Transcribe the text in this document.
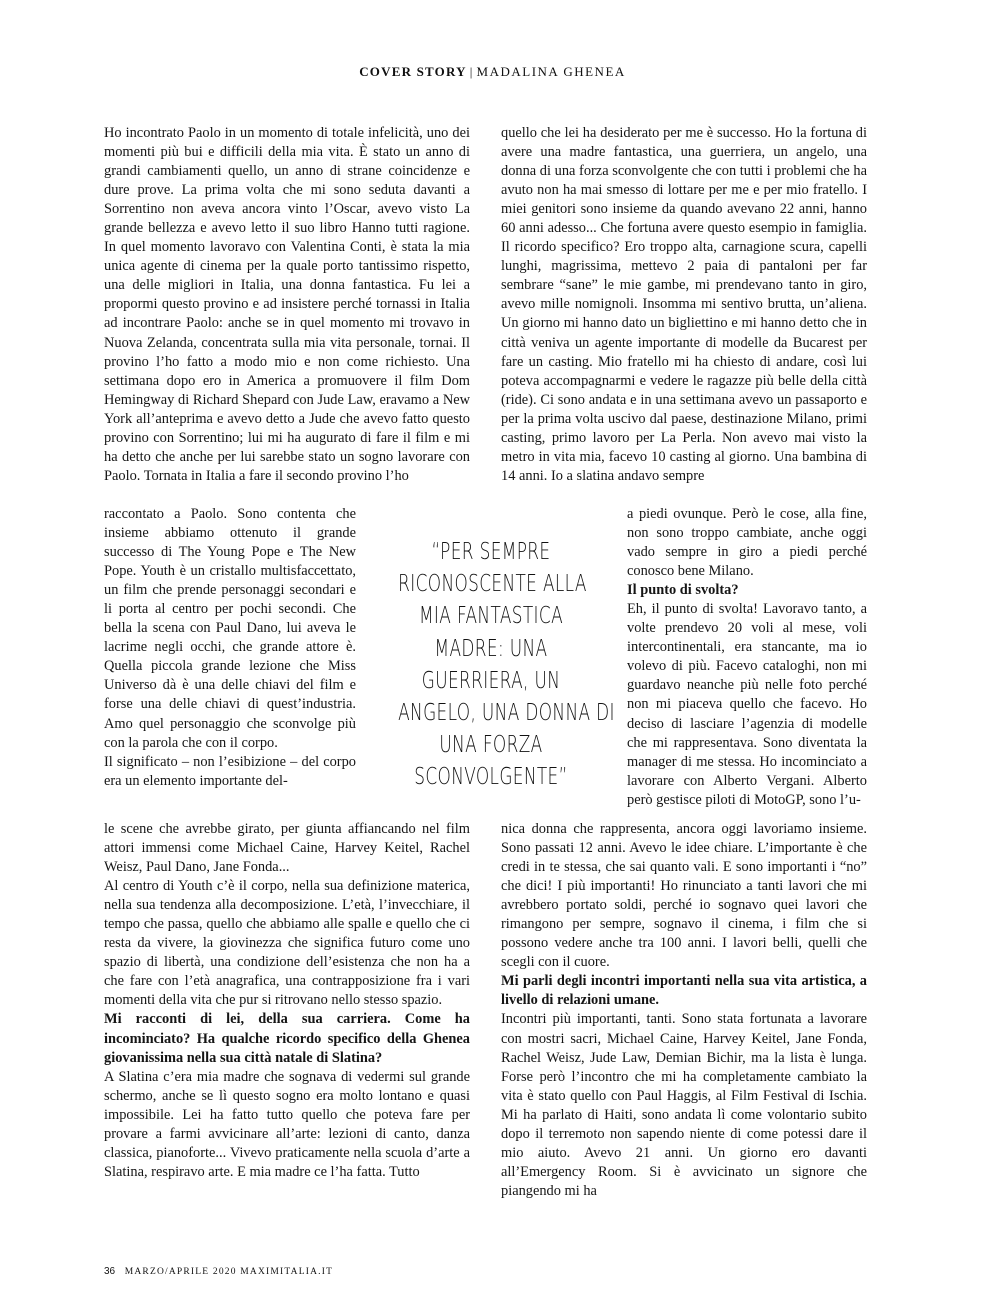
COVER STORY | MADALINA GHENEA

Ho incontrato Paolo in un momento di totale infelicità, uno dei momenti più bui e difficili della mia vita. È stato un anno di grandi cambiamenti quello, un anno di strane coincidenze e dure prove. La prima volta che mi sono seduta davanti a Sorrentino non aveva ancora vinto l’Oscar, avevo visto La grande bellezza e avevo letto il suo libro Hanno tutti ragione. In quel momento lavoravo con Valentina Conti, è stata la mia unica agente di cinema per la quale porto tantissimo rispetto, una delle migliori in Italia, una donna fantastica. Fu lei a propormi questo provino e ad insistere perché tornassi in Italia ad incontrare Paolo: anche se in quel momento mi trovavo in Nuova Zelanda, concentrata sulla mia vita personale, tornai. Il provino l’ho fatto a modo mio e non come richiesto. Una settimana dopo ero in America a promuovere il film Dom Hemingway di Richard Shepard con Jude Law, eravamo a New York all’anteprima e avevo detto a Jude che avevo fatto questo provino con Sorrentino; lui mi ha augurato di fare il film e mi ha detto che anche per lui sarebbe stato un sogno lavorare con Paolo. Tornata in Italia a fare il secondo provino l’ho

raccontato a Paolo. Sono contenta che insieme abbiamo ottenuto il grande successo di The Young Pope e The New Pope. Youth è un cristallo multisfaccettato, un film che prende personaggi secondari e li porta al centro per pochi secondi. Che bella la scena con Paul Dano, lui aveva le lacrime negli occhi, che grande attore è. Quella piccola grande lezione che Miss Universo dà è una delle chiavi del film e forse una delle chiavi di quest’industria. Amo quel personaggio che sconvolge più con la parola che con il corpo.

Il significato – non l’esibizione – del corpo era un elemento importante del-

“PER SEMPRE
RICONOSCENTE ALLA
MIA FANTASTICA
MADRE: UNA
GUERRIERA, UN
ANGELO, UNA DONNA DI
UNA FORZA
SCONVOLGENTE”

le scene che avrebbe girato, per giunta affiancando nel film attori immensi come Michael Caine, Harvey Keitel, Rachel Weisz, Paul Dano, Jane Fonda...

Al centro di Youth c’è il corpo, nella sua definizione materica, nella sua tendenza alla decomposizione. L’età, l’invecchiare, il tempo che passa, quello che abbiamo alle spalle e quello che ci resta da vivere, la giovinezza che significa futuro come uno spazio di libertà, una condizione dell’esistenza che non ha a che fare con l’età anagrafica, una contrapposizione fra i vari momenti della vita che pur si ritrovano nello stesso spazio.

Mi racconti di lei, della sua carriera. Come ha incominciato? Ha qualche ricordo specifico della Ghenea giovanissima nella sua città natale di Slatina?

A Slatina c’era mia madre che sognava di vedermi sul grande schermo, anche se lì questo sogno era molto lontano e quasi impossibile. Lei ha fatto tutto quello che poteva fare per provare a farmi avvicinare all’arte: lezioni di canto, danza classica, pianoforte... Vivevo praticamente nella scuola d’arte a Slatina, respiravo arte. E mia madre ce l’ha fatta. Tutto

quello che lei ha desiderato per me è successo. Ho la fortuna di avere una madre fantastica, una guerriera, un angelo, una donna di una forza sconvolgente che con tutti i problemi che ha avuto non ha mai smesso di lottare per me e per mio fratello. I miei genitori sono insieme da quando avevano 22 anni, hanno 60 anni adesso... Che fortuna avere questo esempio in famiglia. Il ricordo specifico? Ero troppo alta, carnagione scura, capelli lunghi, magrissima, mettevo 2 paia di pantaloni per far sembrare “sane” le mie gambe, mi prendevano tanto in giro, avevo mille nomignoli. Insomma mi sentivo brutta, un’aliena. Un giorno mi hanno dato un bigliettino e mi hanno detto che in città veniva un agente importante di modelle da Bucarest per fare un casting. Mio fratello mi ha chiesto di andare, così lui poteva accompagnarmi e vedere le ragazze più belle della città (ride). Ci sono andata e in una settimana avevo un passaporto e per la prima volta uscivo dal paese, destinazione Milano, primi casting, primo lavoro per La Perla. Non avevo mai visto la metro in vita mia, facevo 10 casting al giorno. Una bambina di 14 anni. Io a slatina andavo sempre

a piedi ovunque. Però le cose, alla fine, non sono troppo cambiate, anche oggi vado sempre in giro a piedi perché conosco bene Milano.

Il punto di svolta?

Eh, il punto di svolta! Lavoravo tanto, a volte prendevo 20 voli al mese, voli intercontinentali, era stancante, ma io volevo di più. Facevo cataloghi, non mi guardavo neanche più nelle foto perché non mi piaceva quello che facevo. Ho deciso di lasciare l’agenzia di modelle che mi rappresentava. Sono diventata la manager di me stessa. Ho incominciato a lavorare con Alberto Vergani. Alberto però gestisce piloti di MotoGP, sono l’u-

nica donna che rappresenta, ancora oggi lavoriamo insieme. Sono passati 12 anni. Avevo le idee chiare. L’importante è che credi in te stessa, che sai quanto vali. E sono importanti i “no” che dici! I più importanti! Ho rinunciato a tanti lavori che mi avrebbero portato soldi, perché io sognavo quei lavori che rimangono per sempre, sognavo il cinema, i film che si possono vedere anche tra 100 anni. I lavori belli, quelli che scegli con il cuore.

Mi parli degli incontri importanti nella sua vita artistica, a livello di relazioni umane.

Incontri più importanti, tanti. Sono stata fortunata a lavorare con mostri sacri, Michael Caine, Harvey Keitel, Jane Fonda, Rachel Weisz, Jude Law, Demian Bichir, ma la lista è lunga. Forse però l’incontro che mi ha completamente cambiato la vita è stato quello con Paul Haggis, al Film Festival di Ischia. Mi ha parlato di Haiti, sono andata lì come volontario subito dopo il terremoto non sapendo niente di come potessi dare il mio aiuto. Avevo 21 anni. Un giorno ero davanti all’Emergency Room. Si è avvicinato un signore che piangendo mi ha

36 MARZO/APRILE 2020 MAXIMITALIA.IT
